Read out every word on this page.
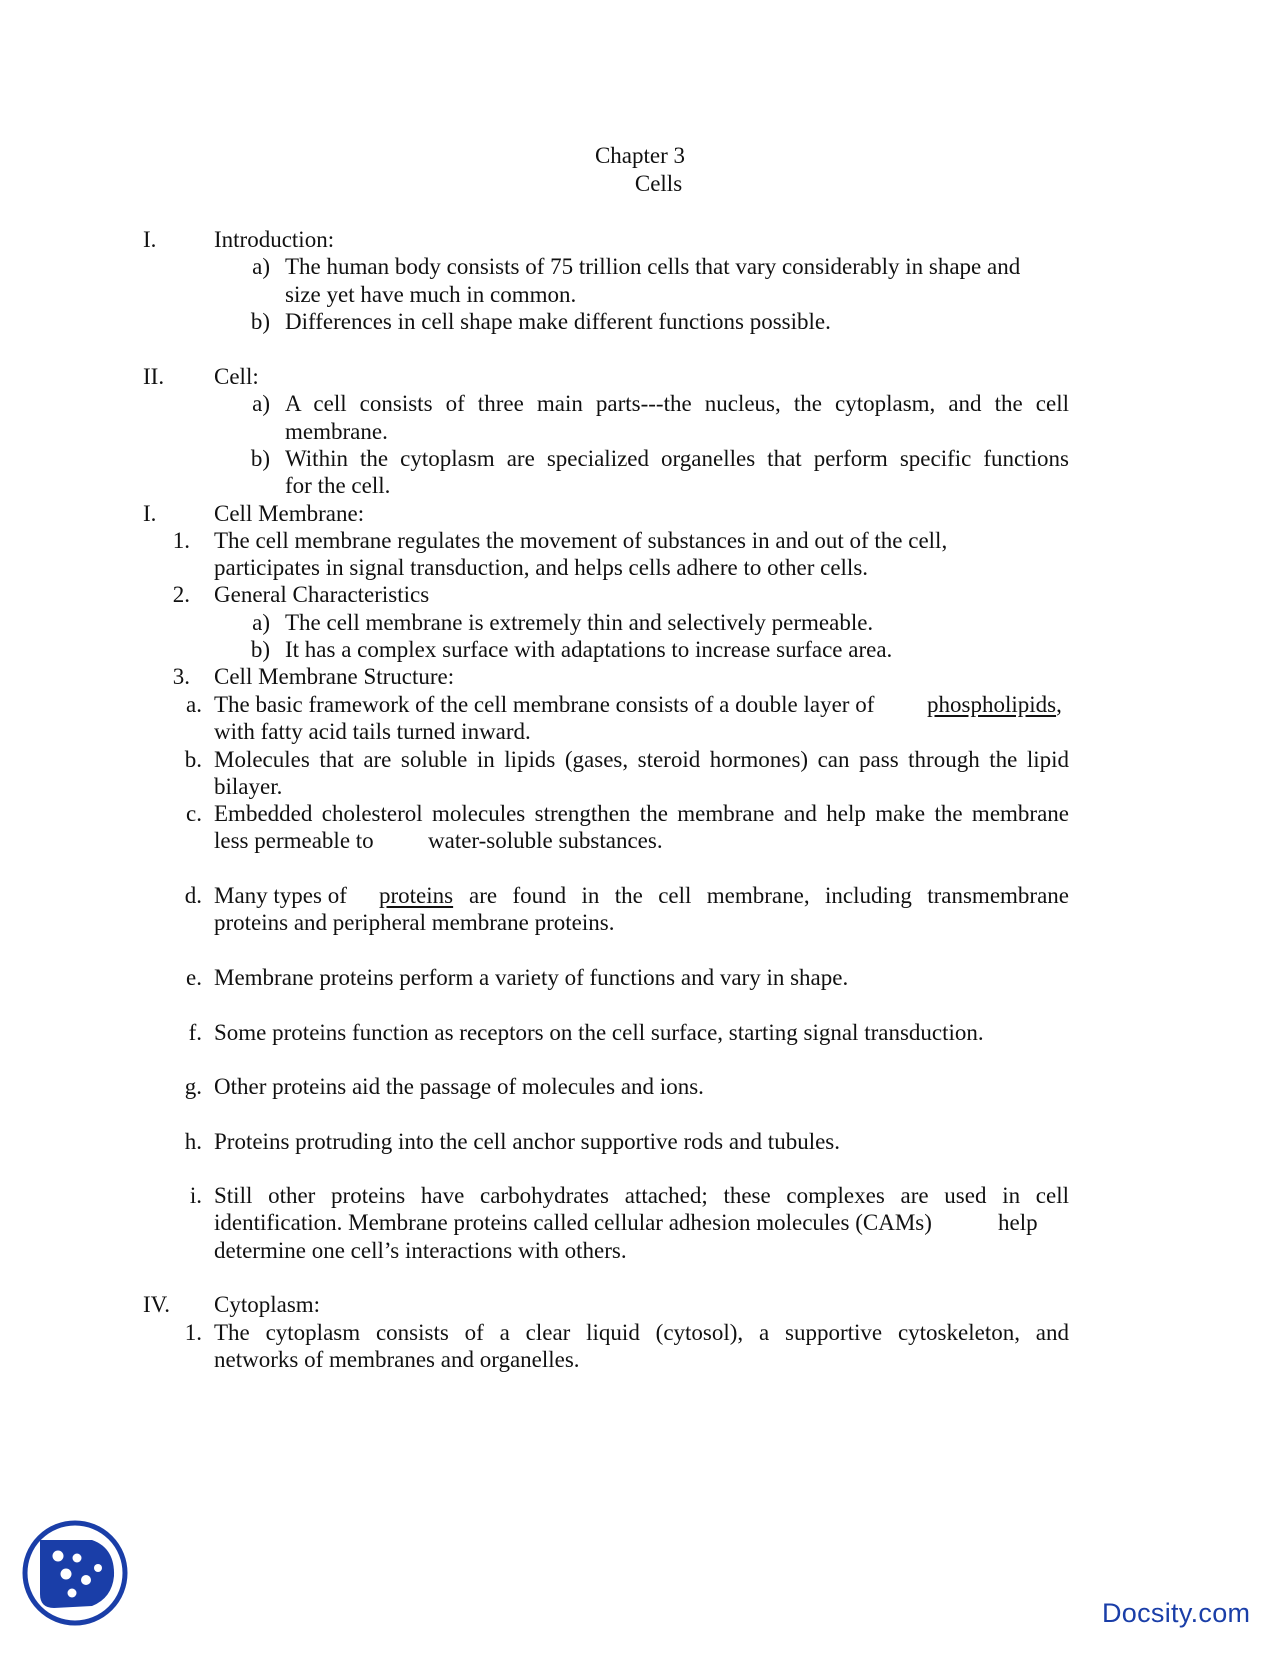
Chapter 3
Cells
I.	Introduction:
a) The human body consists of 75 trillion cells that vary considerably in shape and
size yet have much in common.
b) Differences in cell shape make different functions possible.
II. Cell:
a) A cell consists of three main parts---the nucleus, the cytoplasm, and the cell
membrane.
b) Within the cytoplasm are specialized organelles that perform specific functions
for the cell.
I.	Cell Membrane:
1. The cell membrane regulates the movement of substances in and out of the cell,
participates in signal transduction, and helps cells adhere to other cells.
2. General Characteristics
a) The cell membrane is extremely thin and selectively permeable.
b) It has a complex surface with adaptations to increase surface area.
3. Cell Membrane Structure:
a. The basic framework of the cell membrane consists of a double layer of phospholipids,
with fatty acid tails turned inward.
b. Molecules that are soluble in lipids (gases, steroid hormones) can pass through the lipid
bilayer.
c. Embedded cholesterol molecules strengthen the membrane and help make the membrane
less permeable to water-soluble substances.
d. Many types of proteins are found in the cell membrane, including transmembrane
proteins and peripheral membrane proteins.
e. Membrane proteins perform a variety of functions and vary in shape.
f. Some proteins function as receptors on the cell surface, starting signal transduction.
g. Other proteins aid the passage of molecules and ions.
h. Proteins protruding into the cell anchor supportive rods and tubules.
i. Still other proteins have carbohydrates attached; these complexes are used in cell
identification. Membrane proteins called cellular adhesion molecules (CAMs)	help
determine one cell’s interactions with others.
IV. Cytoplasm:
1. The cytoplasm consists of a clear liquid (cytosol), a supportive cytoskeleton, and
networks of membranes and organelles.
Docsity.com
